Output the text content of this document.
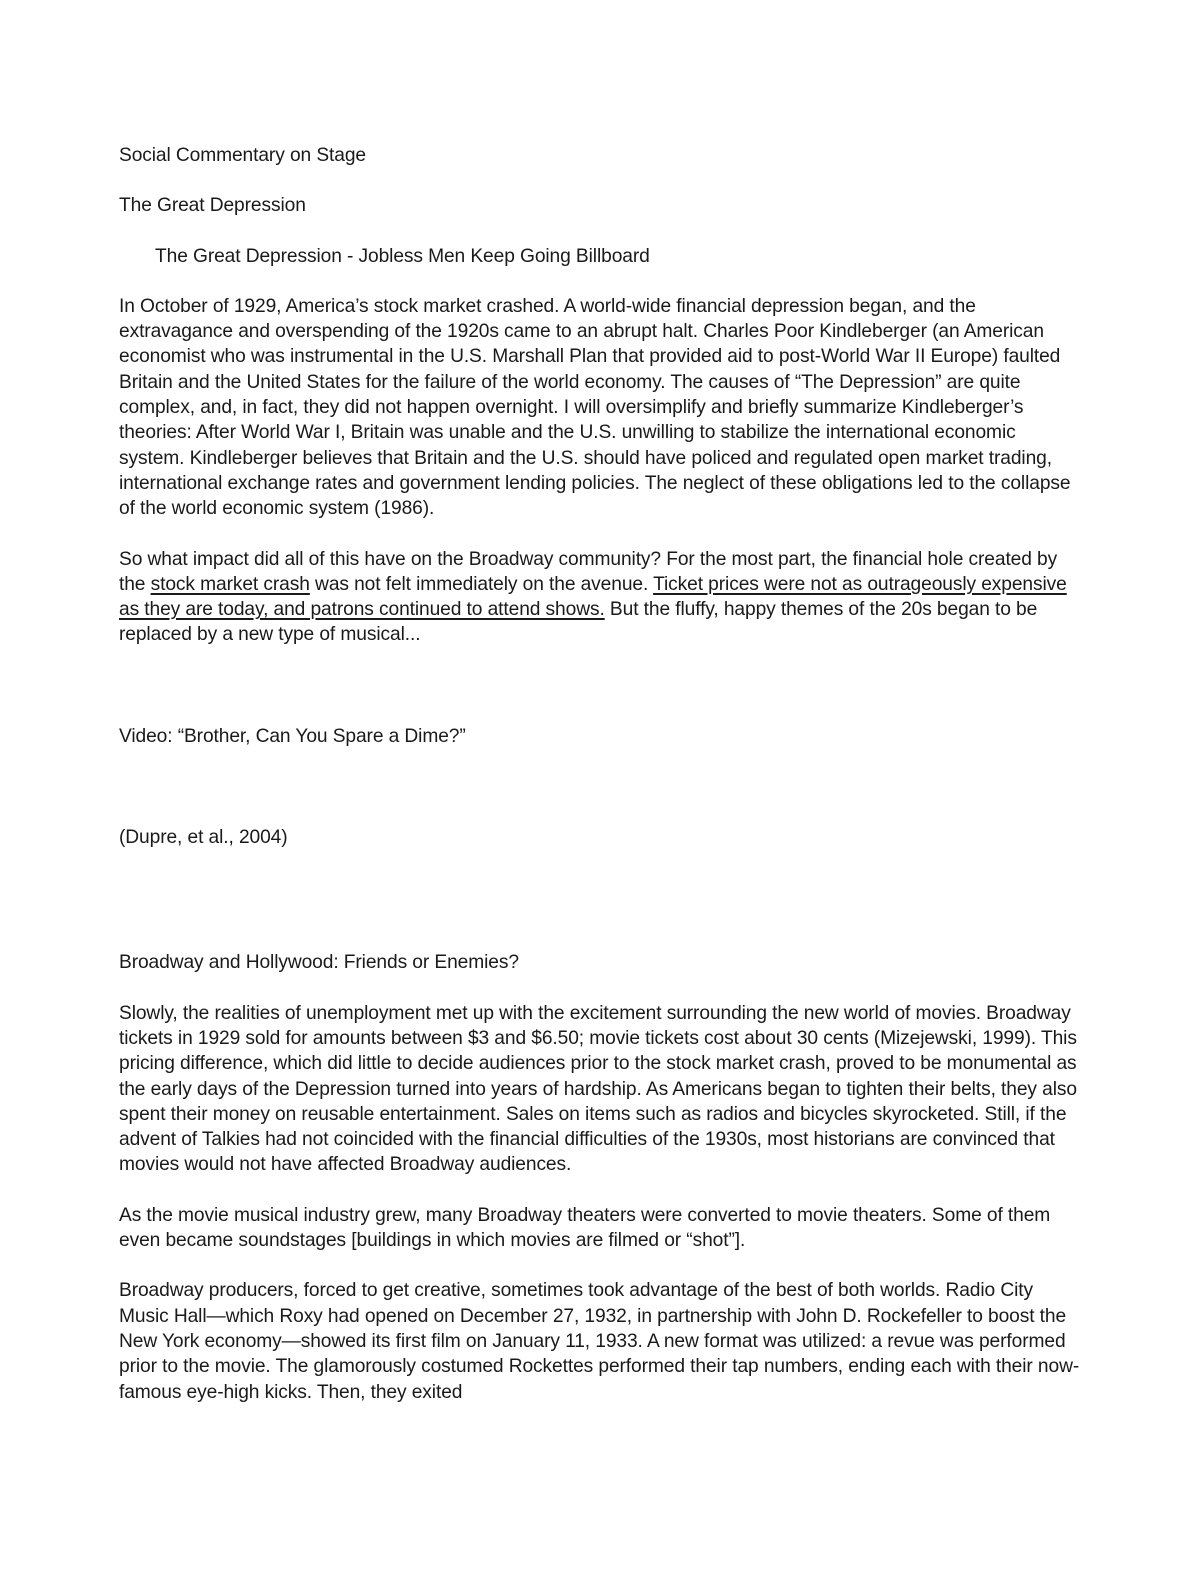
Social Commentary on Stage

The Great Depression

The Great Depression - Jobless Men Keep Going Billboard

In October of 1929, America’s stock market crashed. A world-wide financial depression began, and the extravagance and overspending of the 1920s came to an abrupt halt. Charles Poor Kindleberger (an American economist who was instrumental in the U.S. Marshall Plan that provided aid to post-World War II Europe) faulted Britain and the United States for the failure of the world economy. The causes of “The Depression” are quite complex, and, in fact, they did not happen overnight. I will oversimplify and briefly summarize Kindleberger’s theories: After World War I, Britain was unable and the U.S. unwilling to stabilize the international economic system. Kindleberger believes that Britain and the U.S. should have policed and regulated open market trading, international exchange rates and government lending policies. The neglect of these obligations led to the collapse of the world economic system (1986).

So what impact did all of this have on the Broadway community? For the most part, the financial hole created by the stock market crash was not felt immediately on the avenue. Ticket prices were not as outrageously expensive as they are today, and patrons continued to attend shows. But the fluffy, happy themes of the 20s began to be replaced by a new type of musical...

Video: “Brother, Can You Spare a Dime?”

(Dupre, et al., 2004)

Broadway and Hollywood: Friends or Enemies?

Slowly, the realities of unemployment met up with the excitement surrounding the new world of movies. Broadway tickets in 1929 sold for amounts between $3 and $6.50; movie tickets cost about 30 cents (Mizejewski, 1999). This pricing difference, which did little to decide audiences prior to the stock market crash, proved to be monumental as the early days of the Depression turned into years of hardship. As Americans began to tighten their belts, they also spent their money on reusable entertainment. Sales on items such as radios and bicycles skyrocketed. Still, if the advent of Talkies had not coincided with the financial difficulties of the 1930s, most historians are convinced that movies would not have affected Broadway audiences.

As the movie musical industry grew, many Broadway theaters were converted to movie theaters. Some of them even became soundstages [buildings in which movies are filmed or “shot”].

Broadway producers, forced to get creative, sometimes took advantage of the best of both worlds. Radio City Music Hall—which Roxy had opened on December 27, 1932, in partnership with John D. Rockefeller to boost the New York economy—showed its first film on January 11, 1933. A new format was utilized: a revue was performed prior to the movie. The glamorously costumed Rockettes performed their tap numbers, ending each with their now-famous eye-high kicks. Then, they exited
